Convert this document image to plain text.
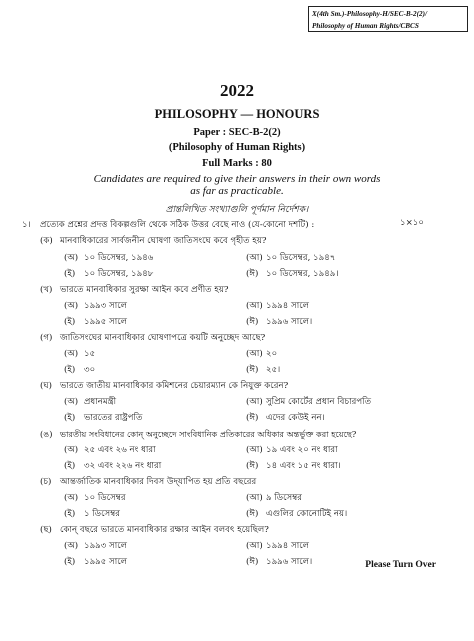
X(4th Sm.)-Philosophy-H/SEC-B-2(2)/
Philosophy of Human Rights/CBCS
2022
PHILOSOPHY — HONOURS
Paper : SEC-B-2(2)
(Philosophy of Human Rights)
Full Marks : 80
Candidates are required to give their answers in their own words
as far as practicable.
প্রান্তলিখিত সংখ্যাগুলি পূর্ণমান নির্দেশক।
১। প্রত্যেক প্রশ্নের প্রদত্ত বিকল্পগুলি থেকে সঠিক উত্তর বেছে নাও (যে-কোনো দশটি) :	১×১০
(ক) মানবাধিকারের সার্বজনীন ঘোষণা জাতিসংঘে কবে গৃহীত হয়?
(অ) ১০ ডিসেম্বর, ১৯৪৬	(আ) ১০ ডিসেম্বর, ১৯৪৭
(ই) ১০ ডিসেম্বর, ১৯৪৮	(ঈ) ১০ ডিসেম্বর, ১৯৪৯।
(খ) ভারতে মানবাধিকার সুরক্ষা আইন কবে প্রণীত হয়?
(অ) ১৯৯৩ সালে	(আ) ১৯৯৪ সালে
(ই) ১৯৯৫ সালে	(ঈ) ১৯৯৬ সালে।
(গ) জাতিসংঘের মানবাধিকার ঘোষণাপত্রে কয়টি অনুচ্ছেদ আছে?
(অ) ১৫	(আ) ২০
(ই) ৩০	(ঈ) ২৫।
(ঘ) ভারতে জাতীয় মানবাধিকার কমিশনের চেয়ারম্যান কে নিযুক্ত করেন?
(অ) প্রধানমন্ত্রী	(আ) সুপ্রিম কোর্টের প্রধান বিচারপতি
(ই) ভারতের রাষ্ট্রপতি	(ঈ) এদের কেউই নন।
(ঙ) ভারতীয় সংবিধানের কোন্ অনুচ্ছেদে সাংবিধানিক প্রতিকারের অধিকার অন্তর্ভুক্ত করা হয়েছে?
(অ) ২৫ এবং ২৬ নং ধারা	(আ) ১৯ এবং ২০ নং ধারা
(ই) ৩২ এবং ২২৬ নং ধারা	(ঈ) ১৪ এবং ১৫ নং ধারা।
(চ) আন্তর্জাতিক মানবাধিকার দিবস উদ্‌যাপিত হয় প্রতি বছরের
(অ) ১০ ডিসেম্বর	(আ) ৯ ডিসেম্বর
(ই) ১ ডিসেম্বর	(ঈ) এগুলির কোনোটিই নয়।
(ছ) কোন্ বছরে ভারতে মানবাধিকার রক্ষার আইন বলবৎ হয়েছিল?
(অ) ১৯৯৩ সালে	(আ) ১৯৯৪ সালে
(ই) ১৯৯৫ সালে	(ঈ) ১৯৯৬ সালে।	Please Turn Over
